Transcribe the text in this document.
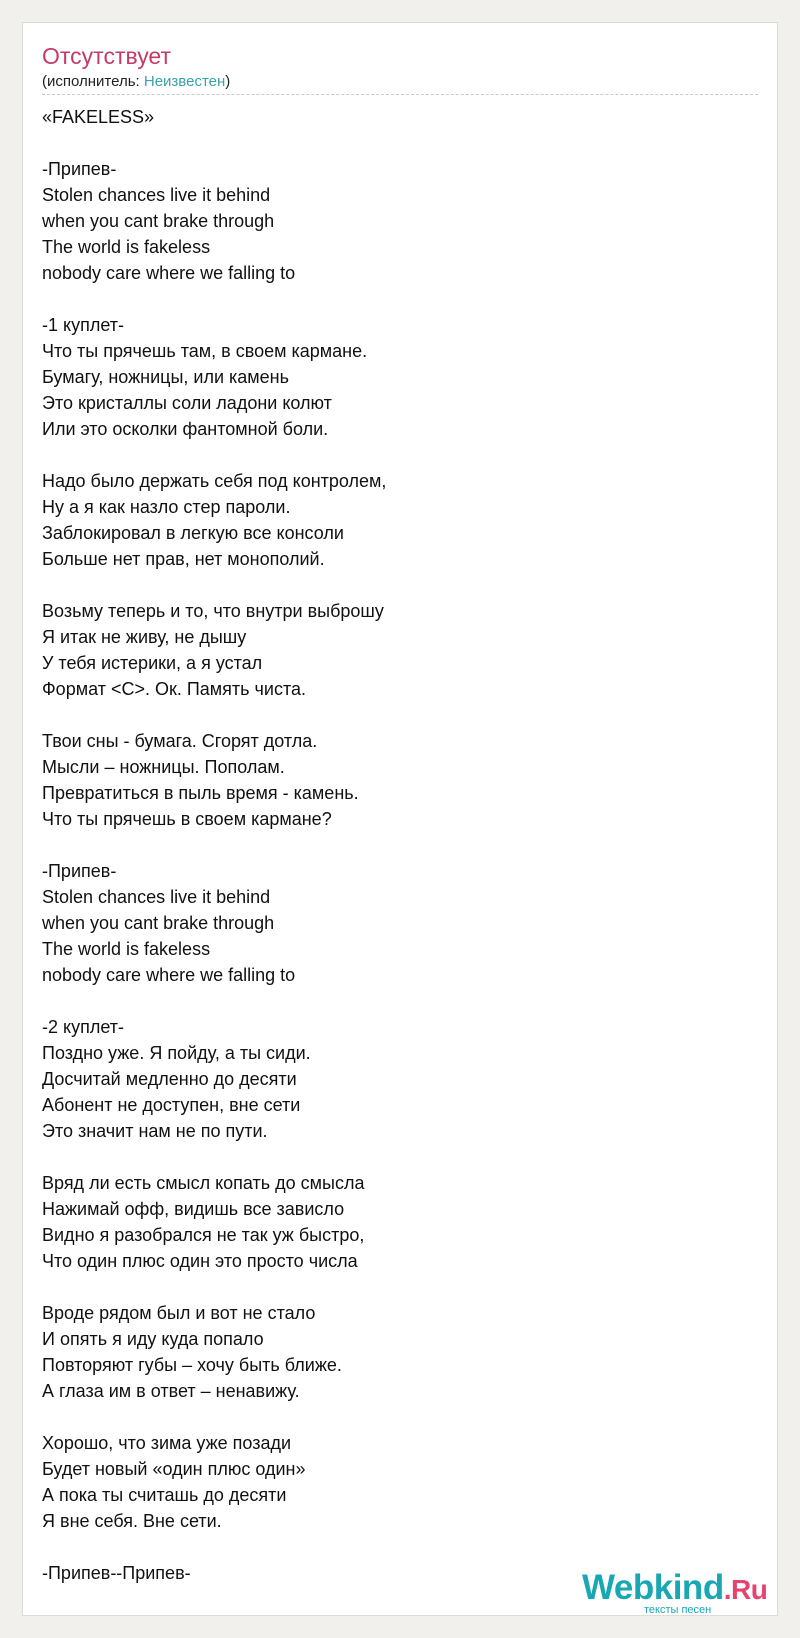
Отсутствует
(исполнитель: Неизвестен)
«FAKELESS»
-Припев-
Stolen chances live it behind
when you cant brake through
The world is fakeless
nobody care where we falling to
-1 куплет-
Что ты прячешь там, в своем кармане.
Бумагу, ножницы, или камень
Это кристаллы соли ладони колют
Или это осколки фантомной боли.
Надо было держать себя под контролем,
Ну а я как назло стер пароли.
Заблокировал в легкую все консоли
Больше нет прав, нет монополий.
Возьму теперь и то, что внутри выброшу
Я итак не живу, не дышу
У тебя истерики, а я устал
Формат <С>. Ок. Память чиста.
Твои сны - бумага. Сгорят дотла.
Мысли – ножницы. Пополам.
Превратиться в пыль время - камень.
Что ты прячешь в своем кармане?
-Припев-
Stolen chances live it behind
when you cant brake through
The world is fakeless
nobody care where we falling to
-2 куплет-
Поздно уже. Я пойду, а ты сиди.
Досчитай медленно до десяти
Абонент не доступен, вне сети
Это значит нам не по пути.
Вряд ли есть смысл копать до смысла
Нажимай офф, видишь все зависло
Видно я разобрался не так уж быстро,
Что один плюс один это просто числа
Вроде рядом был и вот не стало
И опять я иду куда попало
Повторяют губы – хочу быть ближе.
А глаза им в ответ – ненавижу.
Хорошо, что зима уже позади
Будет новый «один плюс один»
А пока ты считашь до десяти
Я вне себя. Вне сети.
-Припев--Припев-	Webkind.Ru
тексты песен
